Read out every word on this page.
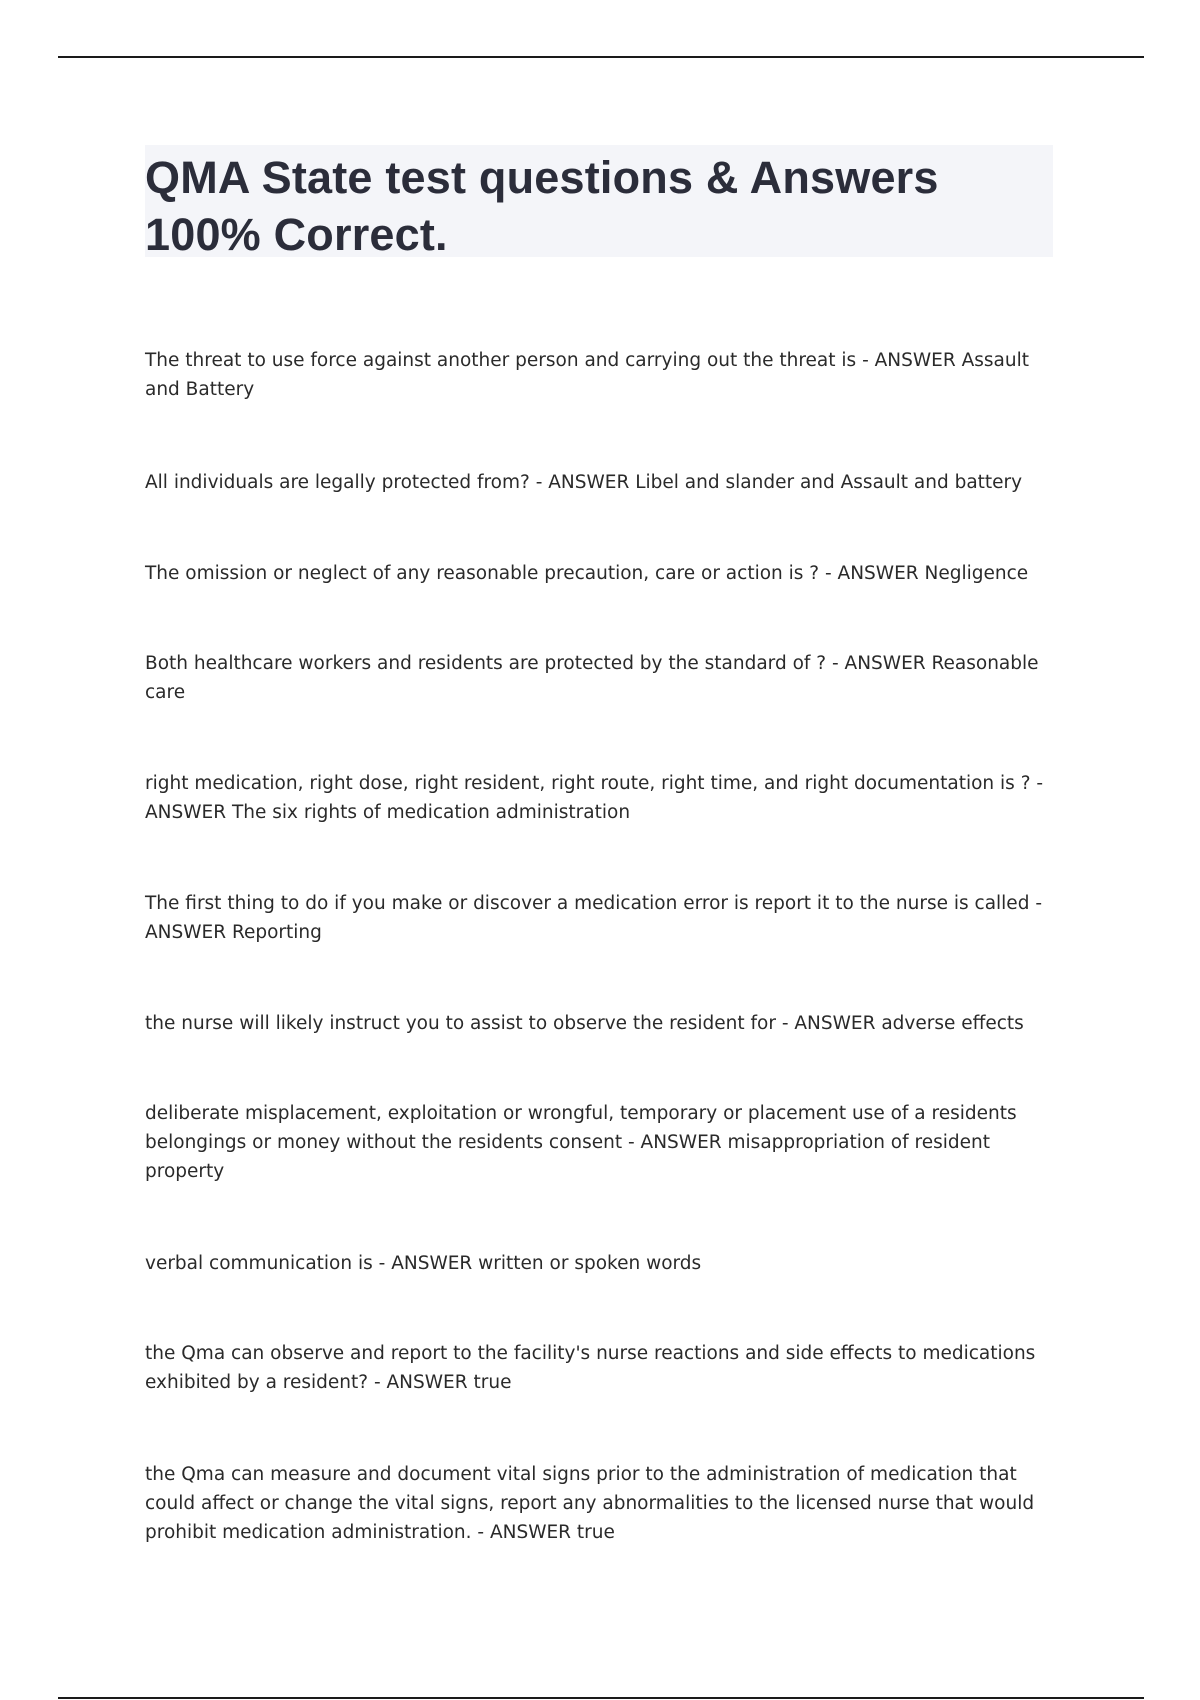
QMA State test questions & Answers
100% Correct.

The threat to use force against another person and carrying out the threat is - ANSWER Assault and Battery

All individuals are legally protected from? - ANSWER Libel and slander and Assault and battery

The omission or neglect of any reasonable precaution, care or action is ? - ANSWER Negligence

Both healthcare workers and residents are protected by the standard of ? - ANSWER Reasonable care

right medication, right dose, right resident, right route, right time, and right documentation is ? - ANSWER The six rights of medication administration

The first thing to do if you make or discover a medication error is report it to the nurse is called - ANSWER Reporting

the nurse will likely instruct you to assist to observe the resident for - ANSWER adverse effects

deliberate misplacement, exploitation or wrongful, temporary or placement use of a residents belongings or money without the residents consent - ANSWER misappropriation of resident property

verbal communication is - ANSWER written or spoken words

the Qma can observe and report to the facility's nurse reactions and side effects to medications exhibited by a resident? - ANSWER true

the Qma can measure and document vital signs prior to the administration of medication that could affect or change the vital signs, report any abnormalities to the licensed nurse that would prohibit medication administration. - ANSWER true
